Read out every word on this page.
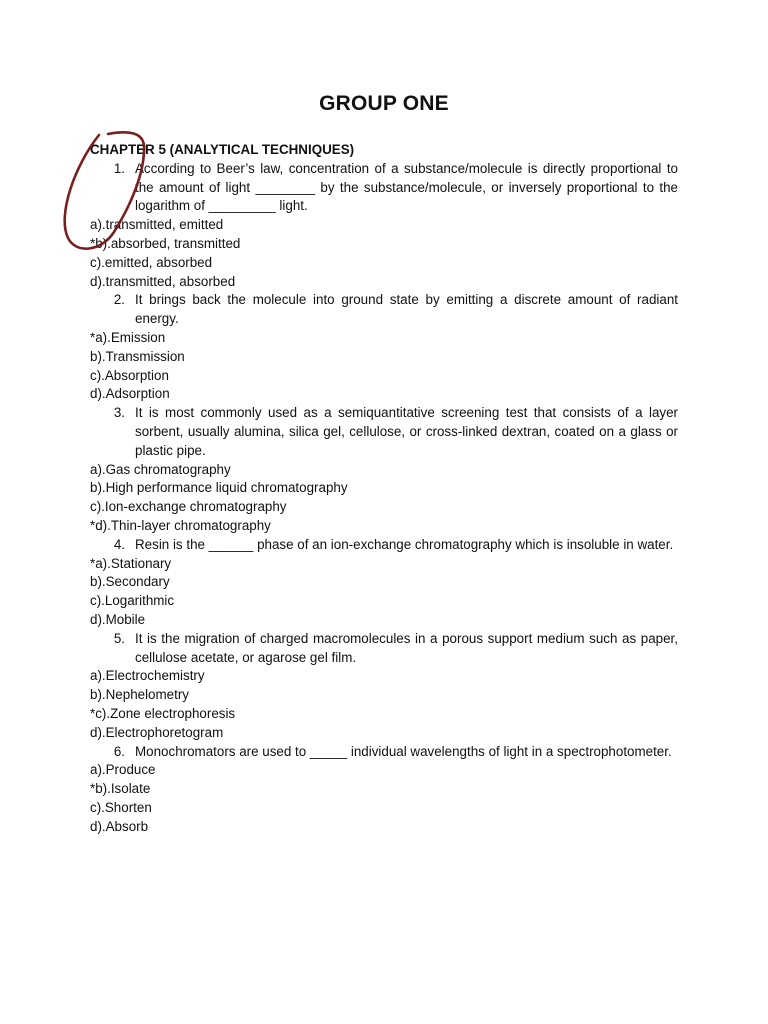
GROUP ONE
CHAPTER 5 (ANALYTICAL TECHNIQUES)
1. According to Beer’s law, concentration of a substance/molecule is directly proportional to the amount of light ________ by the substance/molecule, or inversely proportional to the logarithm of _________ light.
a).transmitted, emitted
*b).absorbed, transmitted
c).emitted, absorbed
d).transmitted, absorbed
2. It brings back the molecule into ground state by emitting a discrete amount of radiant energy.
*a).Emission
b).Transmission
c).Absorption
d).Adsorption
3. It is most commonly used as a semiquantitative screening test that consists of a layer sorbent, usually alumina, silica gel, cellulose, or cross-linked dextran, coated on a glass or plastic pipe.
a).Gas chromatography
b).High performance liquid chromatography
c).Ion-exchange chromatography
*d).Thin-layer chromatography
4. Resin is the ______ phase of an ion-exchange chromatography which is insoluble in water.
*a).Stationary
b).Secondary
c).Logarithmic
d).Mobile
5. It is the migration of charged macromolecules in a porous support medium such as paper, cellulose acetate, or agarose gel film.
a).Electrochemistry
b).Nephelometry
*c).Zone electrophoresis
d).Electrophoretogram
6. Monochromators are used to _____ individual wavelengths of light in a spectrophotometer.
a).Produce
*b).Isolate
c).Shorten
d).Absorb
